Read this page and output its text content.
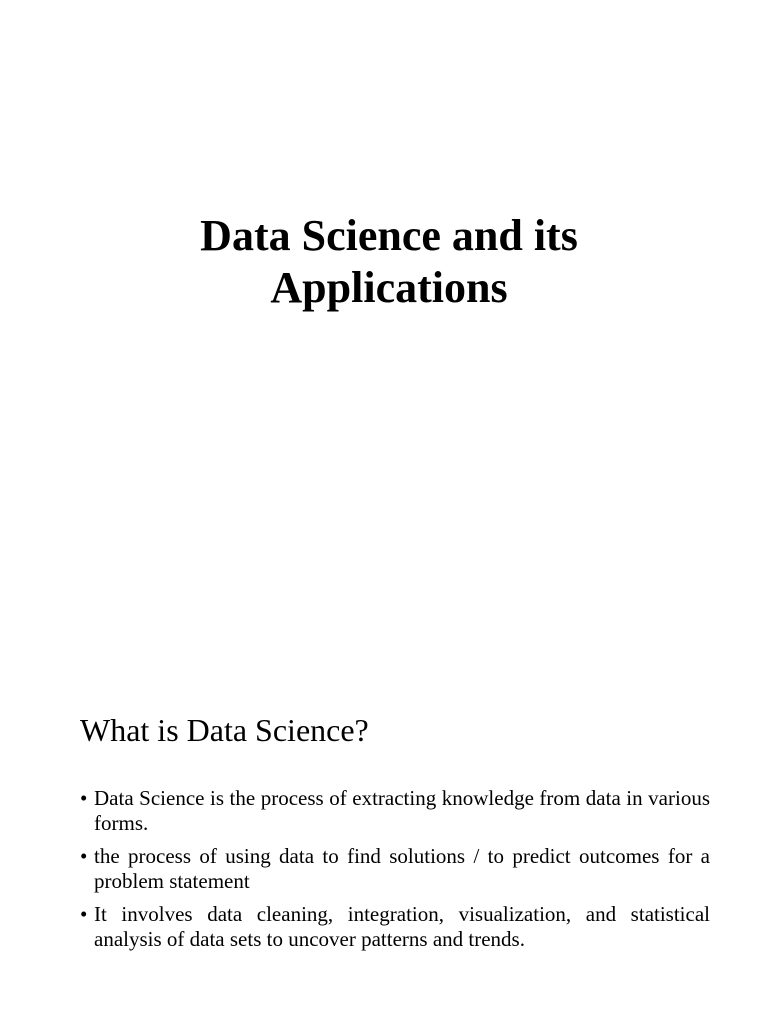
Data Science and its
Applications
What is Data Science?
• Data Science is the process of extracting knowledge from data in various forms.
• the process of using data to find solutions / to predict outcomes for a problem statement
• It involves data cleaning, integration, visualization, and statistical analysis of data sets to uncover patterns and trends.
